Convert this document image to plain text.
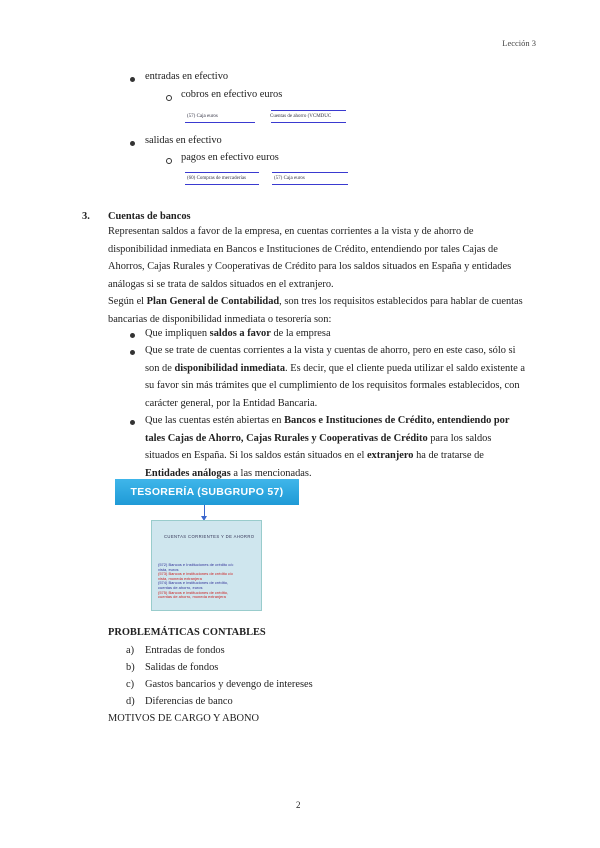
Lección 3
entradas en efectivo
cobros en efectivo euros
(57) Caja euros	Cuentas de ahorro (VCMDUC
salidas en efectivo
pagos en efectivo euros
(60) Compras de mercaderías	(57) Caja euros
3. Cuentas de bancos
Representan saldos a favor de la empresa, en cuentas corrientes a la vista y de ahorro de
disponibilidad inmediata en Bancos e Instituciones de Crédito, entendiendo por tales Cajas de
Ahorros, Cajas Rurales y Cooperativas de Crédito para los saldos situados en España y entidades
análogas si se trata de saldos situados en el extranjero.
Según el Plan General de Contabilidad, son tres los requisitos establecidos para hablar de cuentas
bancarias de disponibilidad inmediata o tesorería son:
Que impliquen saldos a favor de la empresa
Que se trate de cuentas corrientes a la vista y cuentas de ahorro, pero en este caso, sólo si
son de disponibilidad inmediata. Es decir, que el cliente pueda utilizar el saldo existente a
su favor sin más trámites que el cumplimiento de los requisitos formales establecidos, con
carácter general, por la Entidad Bancaria.
Que las cuentas estén abiertas en Bancos e Instituciones de Crédito, entendiendo por
tales Cajas de Ahorro, Cajas Rurales y Cooperativas de Crédito para los saldos
situados en España. Si los saldos están situados en el extranjero ha de tratarse de
Entidades análogas a las mencionadas.
TESORERÍA (SUBGRUPO 57)
CUENTAS CORRIENTES Y DE AHORRO
(572) Bancos e Instituciones de crédito c/c
vista, euros
(573) Bancos e instituciones de crédito c/c
vista, moneda extranjera
(574) Bancos e instituciones de crédito,
cuentas de ahorro, euros
(575) Bancos e instituciones de crédito,
cuentas de ahorro, moneda extranjera
PROBLEMÁTICAS CONTABLES
a) Entradas de fondos
b) Salidas de fondos
c) Gastos bancarios y devengo de intereses
d) Diferencias de banco
MOTIVOS DE CARGO Y ABONO
2
